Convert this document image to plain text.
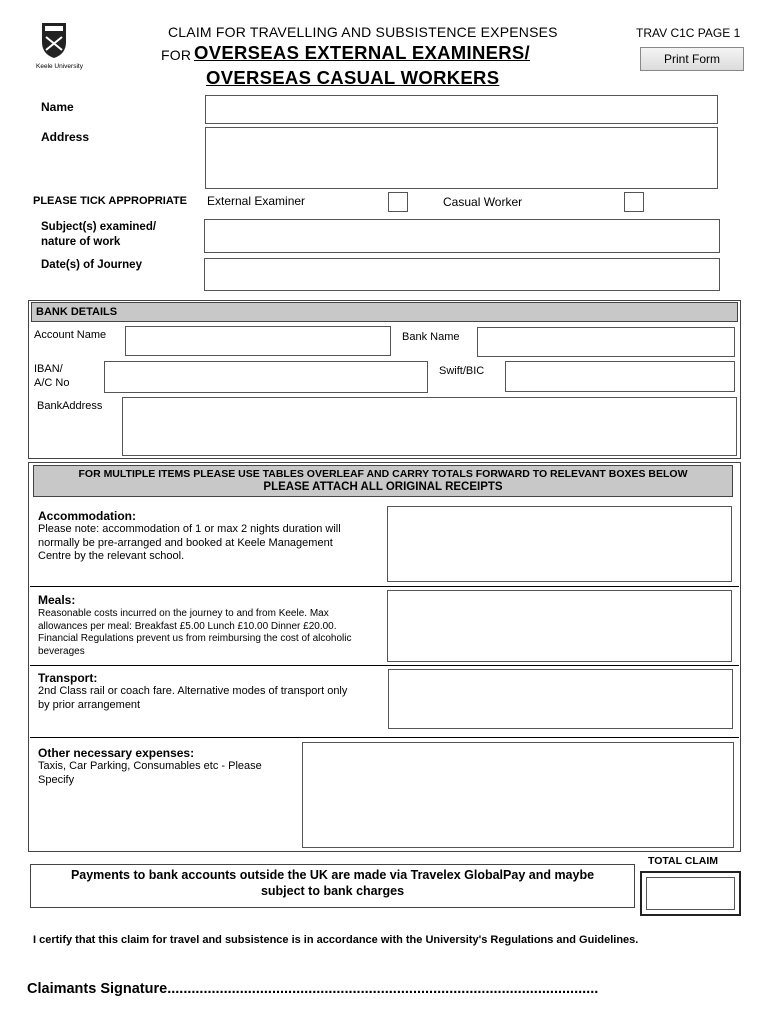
Keele University
CLAIM FOR TRAVELLING AND SUBSISTENCE EXPENSES
FOR OVERSEAS EXTERNAL EXAMINERS/
OVERSEAS CASUAL WORKERS
TRAV C1C PAGE 1
Print Form
Name
Address
PLEASE TICK APPROPRIATE External Examiner	Casual Worker
Subject(s) examined/
nature of work
Date(s) of Journey
BANK DETAILS
Account Name	Bank Name
IBAN/
A/C No
Swift/BIC
BankAddress
FOR MULTIPLE ITEMS PLEASE USE TABLES OVERLEAF AND CARRY TOTALS FORWARD TO RELEVANT BOXES BELOW
PLEASE ATTACH ALL ORIGINAL RECEIPTS
Accommodation:
Please note: accommodation of 1 or max 2 nights duration will
normally be pre-arranged and booked at Keele Management
Centre by the relevant school.
Meals:
Reasonable costs incurred on the journey to and from Keele. Max
allowances per meal: Breakfast £5.00 Lunch £10.00 Dinner £20.00.
Financial Regulations prevent us from reimbursing the cost of alcoholic
beverages
Transport:
2nd Class rail or coach fare. Alternative modes of transport only
by prior arrangement
Other necessary expenses:
Taxis, Car Parking, Consumables etc - Please
Specify
TOTAL CLAIM
Payments to bank accounts outside the UK are made via Travelex GlobalPay and maybe
subject to bank charges
I certify that this claim for travel and subsistence is in accordance with the University's Regulations and Guidelines.
Claimants Signature...........................................................................................................
